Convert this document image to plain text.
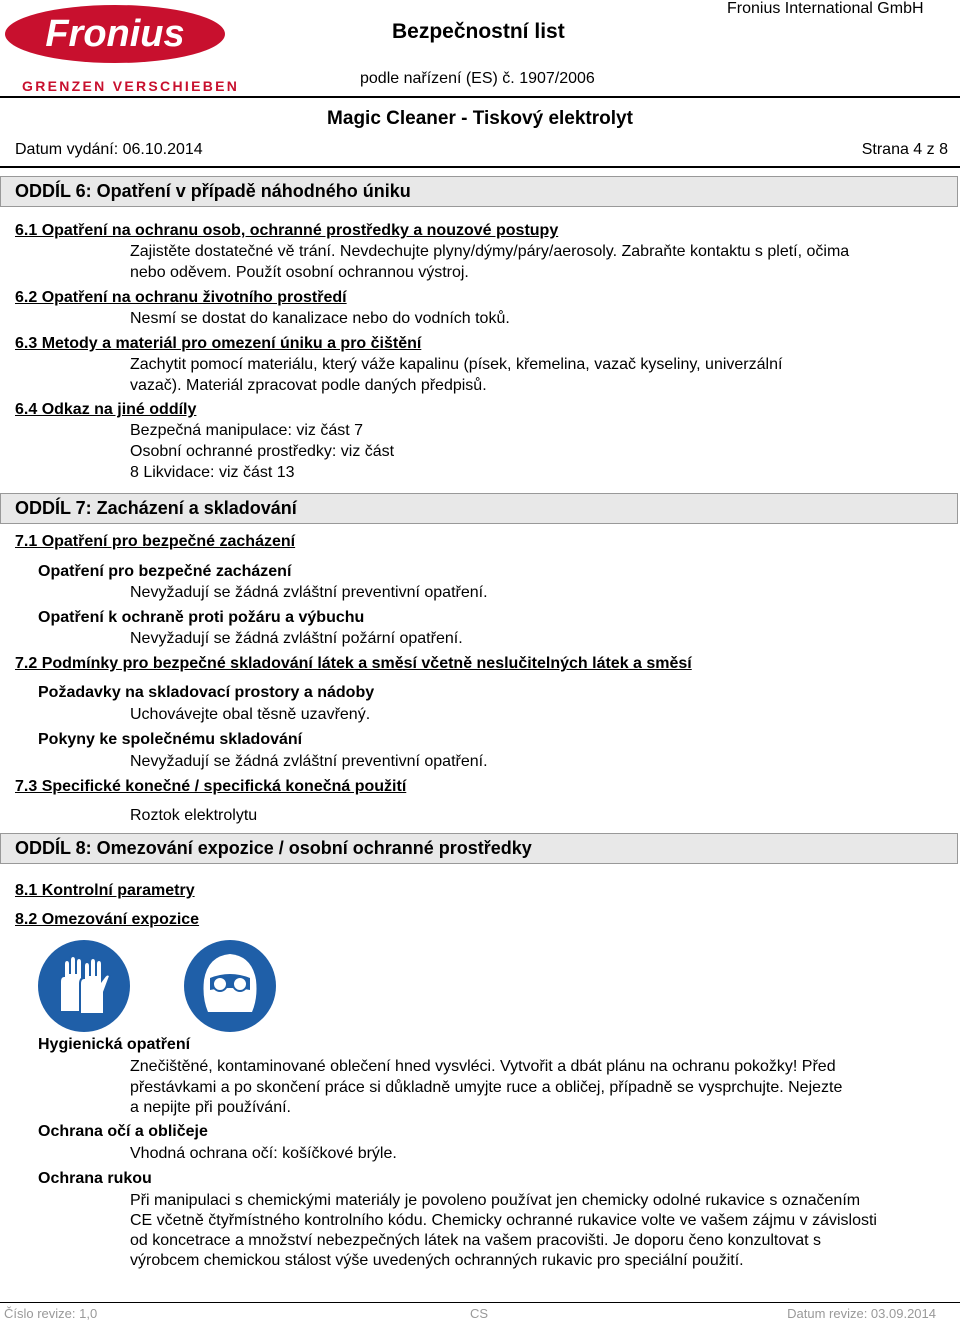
Fronius
GRENZEN VERSCHIEBEN
Bezpečnostní list
Fronius International GmbH
podle nařízení (ES) č. 1907/2006
Magic Cleaner - Tiskový elektrolyt
Datum vydání: 06.10.2014	Strana 4 z 8
ODDÍL 6: Opatření v případě náhodného úniku
6.1 Opatření na ochranu osob, ochranné prostředky a nouzové postupy
Zajistěte dostatečné vě trání. Nevdechujte plyny/dýmy/páry/aerosoly. Zabraňte kontaktu s pletí, očima
nebo oděvem. Použít osobní ochrannou výstroj.
6.2 Opatření na ochranu životního prostředí
Nesmí se dostat do kanalizace nebo do vodních toků.
6.3 Metody a materiál pro omezení úniku a pro čištění
Zachytit pomocí materiálu, který váže kapalinu (písek, křemelina, vazač kyseliny, univerzální
vazač). Materiál zpracovat podle daných předpisů.
6.4 Odkaz na jiné oddíly
Bezpečná manipulace: viz část 7
Osobní ochranné prostředky: viz část
8 Likvidace: viz část 13
ODDÍL 7: Zacházení a skladování
7.1 Opatření pro bezpečné zacházení
Opatření pro bezpečné zacházení
Nevyžadují se žádná zvláštní preventivní opatření.
Opatření k ochraně proti požáru a výbuchu
Nevyžadují se žádná zvláštní požární opatření.
7.2 Podmínky pro bezpečné skladování látek a směsí včetně neslučitelných látek a směsí
Požadavky na skladovací prostory a nádoby
Uchovávejte obal těsně uzavřený.
Pokyny ke společnému skladování
Nevyžadují se žádná zvláštní preventivní opatření.
7.3 Specifické konečné / specifická konečná použití
Roztok elektrolytu
ODDÍL 8: Omezování expozice / osobní ochranné prostředky
8.1 Kontrolní parametry
8.2 Omezování expozice
Hygienická opatření
Znečištěné, kontaminované oblečení hned vysvléci. Vytvořit a dbát plánu na ochranu pokožky! Před
přestávkami a po skončení práce si důkladně umyjte ruce a obličej, případně se vysprchujte. Nejezte
a nepijte při používání.
Ochrana očí a obličeje
Vhodná ochrana očí: košíčkové brýle.
Ochrana rukou
Při manipulaci s chemickými materiály je povoleno používat jen chemicky odolné rukavice s označením
CE včetně čtyřmístného kontrolního kódu. Chemicky ochranné rukavice volte ve vašem zájmu v závislosti
od koncetrace a množství nebezpečných látek na vašem pracovišti. Je doporu čeno konzultovat s
výrobcem chemickou stálost výše uvedených ochranných rukavic pro speciální použití.
Číslo revize: 1,0	CS	Datum revize: 03.09.2014
